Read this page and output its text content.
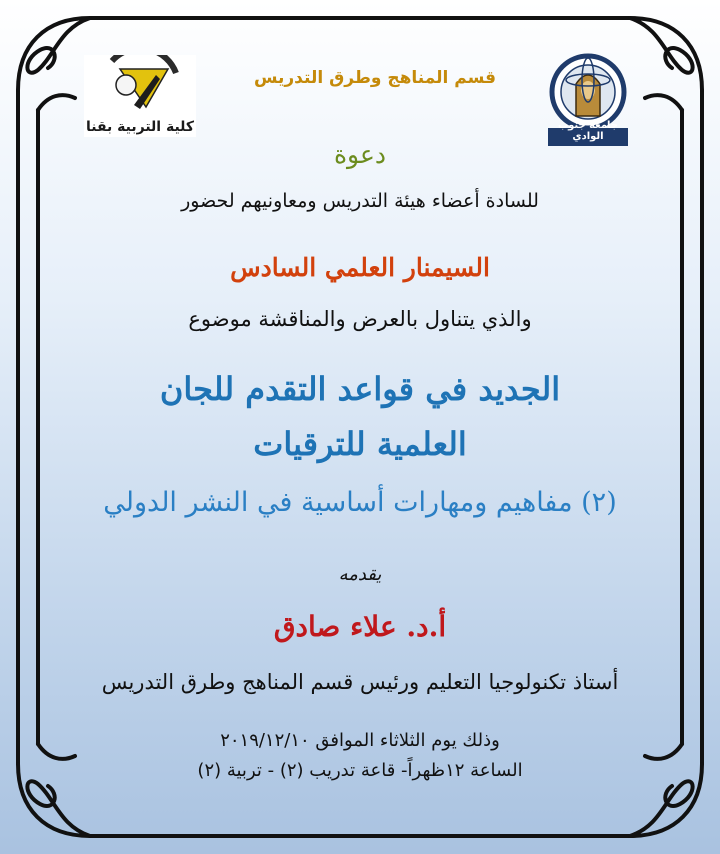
كلية التربية بقنا	جامعة جنوب الوادي
قسم المناهج وطرق التدريس
دعوة
للسادة أعضاء هيئة التدريس ومعاونيهم لحضور
السيمنار العلمي السادس
والذي يتناول بالعرض والمناقشة موضوع
الجديد في قواعد التقدم للجان
العلمية للترقيات
(٢) مفاهيم ومهارات أساسية في النشر الدولي
يقدمه
أ.د. علاء صادق
أستاذ تكنولوجيا التعليم ورئيس قسم المناهج وطرق التدريس
وذلك يوم الثلاثاء الموافق ٢٠١٩/١٢/١٠
الساعة ١٢ظهراً- قاعة تدريب (٢) - تربية (٢)
